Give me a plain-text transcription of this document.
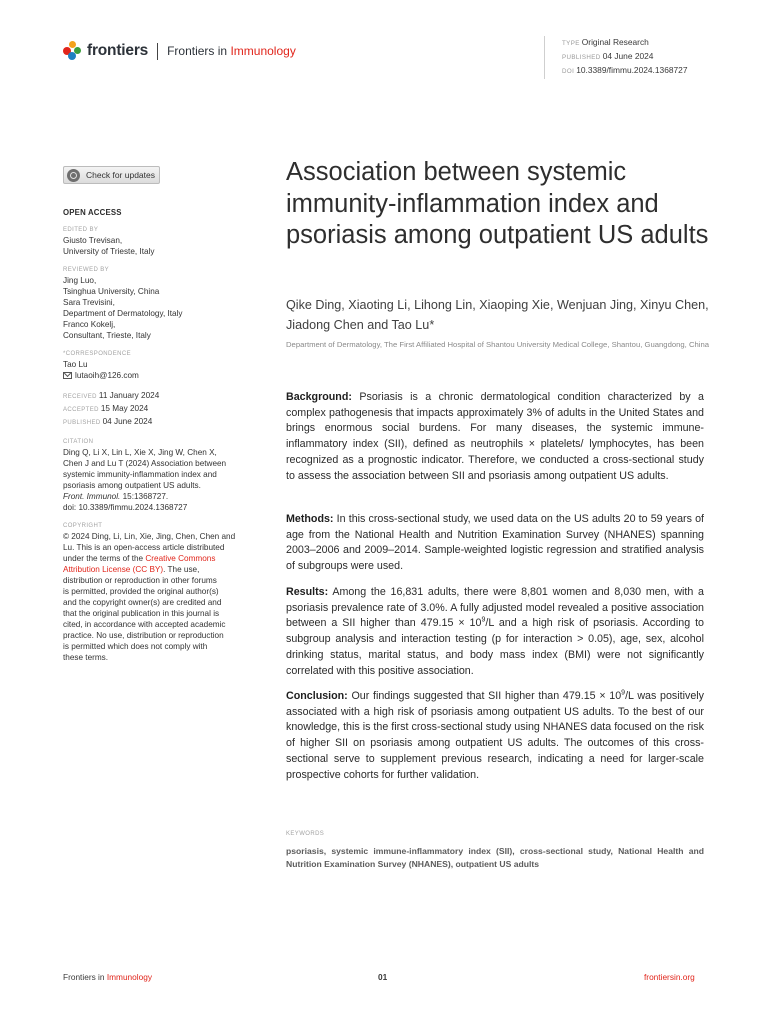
frontiers Frontiers in Immunology
TYPE Original Research
PUBLISHED 04 June 2024
DOI 10.3389/fimmu.2024.1368727
Check for updates
OPEN ACCESS
EDITED BY
Giusto Trevisan,
University of Trieste, Italy
REVIEWED BY
Jing Luo,
Tsinghua University, China
Sara Trevisini,
Department of Dermatology, Italy
Franco Kokelj,
Consultant, Trieste, Italy
*CORRESPONDENCE
Tao Lu
lutaoih@126.com
RECEIVED 11 January 2024
ACCEPTED 15 May 2024
PUBLISHED 04 June 2024
CITATION
Ding Q, Li X, Lin L, Xie X, Jing W, Chen X,
Chen J and Lu T (2024) Association between
systemic immunity-inflammation index and
psoriasis among outpatient US adults.
Front. Immunol. 15:1368727.
doi: 10.3389/fimmu.2024.1368727
COPYRIGHT
© 2024 Ding, Li, Lin, Xie, Jing, Chen, Chen and
Lu. This is an open-access article distributed
under the terms of the Creative Commons
Attribution License (CC BY). The use,
distribution or reproduction in other forums
is permitted, provided the original author(s)
and the copyright owner(s) are credited and
that the original publication in this journal is
cited, in accordance with accepted academic
practice. No use, distribution or reproduction
is permitted which does not comply with
these terms.
Association between systemic immunity-inflammation index and psoriasis among outpatient US adults
Qike Ding, Xiaoting Li, Lihong Lin, Xiaoping Xie, Wenjuan Jing, Xinyu Chen, Jiadong Chen and Tao Lu*
Department of Dermatology, The First Affiliated Hospital of Shantou University Medical College, Shantou, Guangdong, China

Background: Psoriasis is a chronic dermatological condition characterized by a complex pathogenesis that impacts approximately 3% of adults in the United States and brings enormous social burdens. For many diseases, the systemic immune-inflammatory index (SII), defined as neutrophils × platelets/ lymphocytes, has been recognized as a prognostic indicator. Therefore, we conducted a cross-sectional study to assess the association between SII and psoriasis among outpatient US adults.

Methods: In this cross-sectional study, we used data on the US adults 20 to 59 years of age from the National Health and Nutrition Examination Survey (NHANES) spanning 2003–2006 and 2009–2014. Sample-weighted logistic regression and stratified analysis of subgroups were used.

Results: Among the 16,831 adults, there were 8,801 women and 8,030 men, with a psoriasis prevalence rate of 3.0%. A fully adjusted model revealed a positive association between a SII higher than $479.15 \times 10^9/L$ and a high risk of psoriasis. According to subgroup analysis and interaction testing (p for interaction > 0.05), age, sex, alcohol drinking status, marital status, and body mass index (BMI) were not significantly correlated with this positive association.

Conclusion: Our findings suggested that SII higher than $479.15 \times 10^9/L$ was positively associated with a high risk of psoriasis among outpatient US adults. To the best of our knowledge, this is the first cross-sectional study using NHANES data focused on the risk of higher SII on psoriasis among outpatient US adults. The outcomes of this cross-sectional serve to supplement previous research, indicating a need for larger-scale prospective cohorts for further validation.

KEYWORDS
psoriasis, systemic immune-inflammatory index (SII), cross-sectional study, National Health and Nutrition Examination Survey (NHANES), outpatient US adults
Frontiers in Immunology	01	frontiersin.org
